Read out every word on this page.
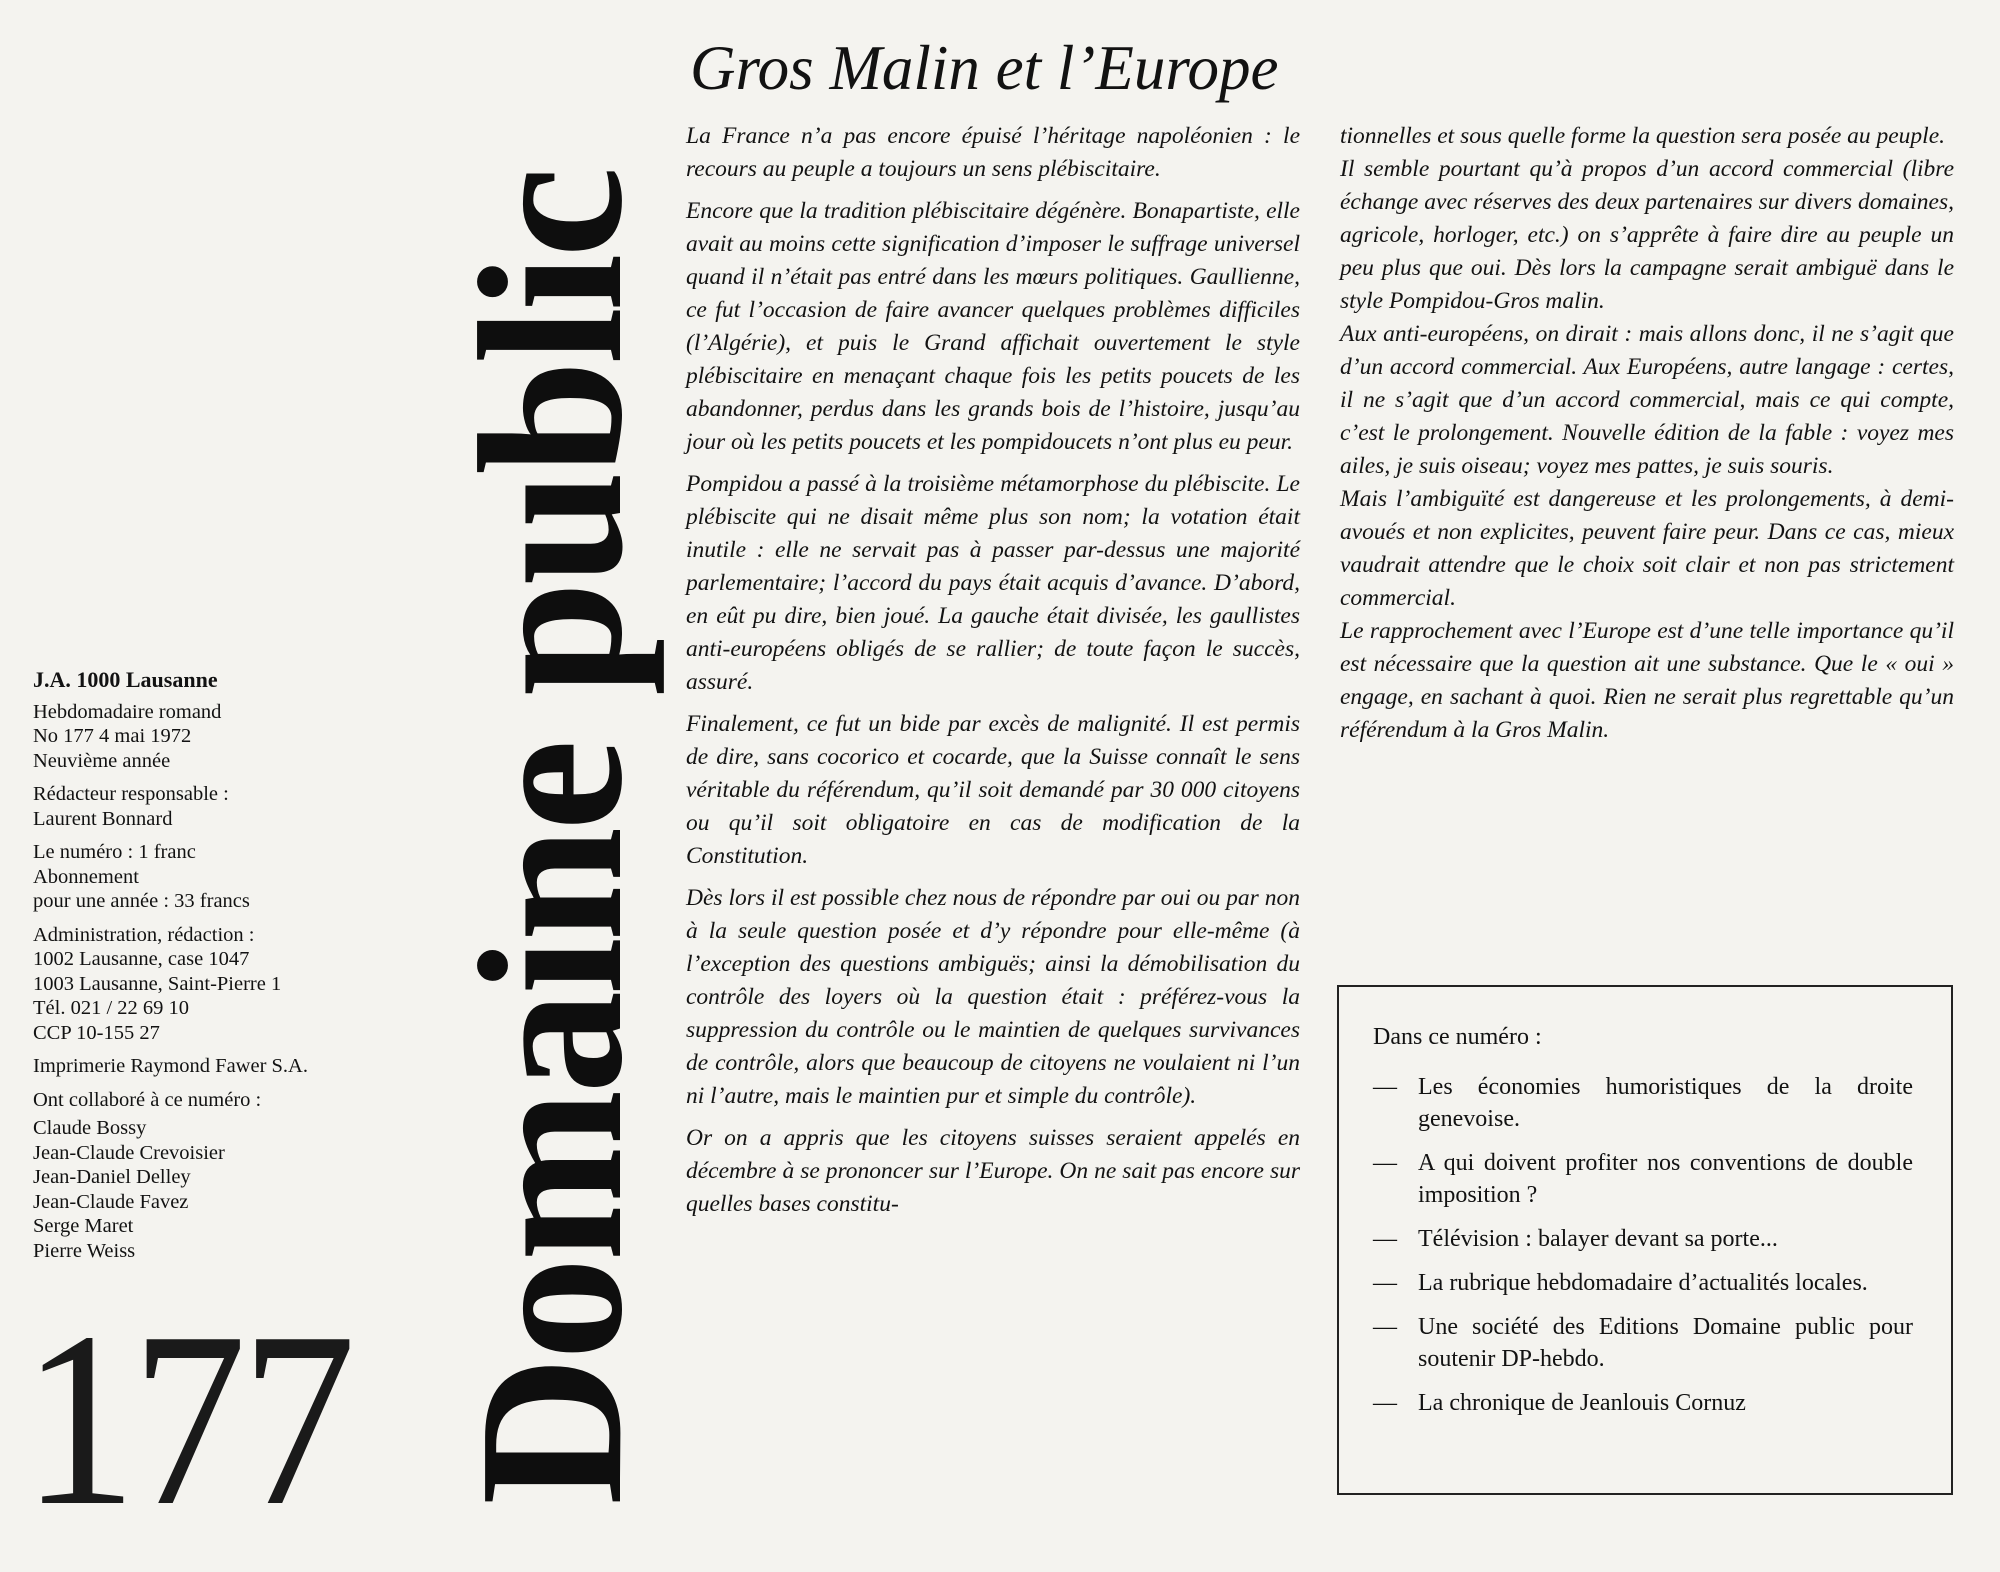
J.A. 1000 Lausanne
Hebdomadaire romand
No 177 4 mai 1972
Neuvième année
Rédacteur responsable :
Laurent Bonnard
Le numéro : 1 franc
Abonnement
pour une année : 33 francs
Administration, rédaction :
1002 Lausanne, case 1047
1003 Lausanne, Saint-Pierre 1
Tél. 021 / 22 69 10
CCP 10-155 27
Imprimerie Raymond Fawer S.A.
Ont collaboré à ce numéro :
Claude Bossy
Jean-Claude Crevoisier
Jean-Daniel Delley
Jean-Claude Favez
Serge Maret
Pierre Weiss
177 Domaine public
Gros Malin et l’Europe

La France n’a pas encore épuisé l’héritage napoléonien : le recours au peuple a toujours un sens plébiscitaire.

Encore que la tradition plébiscitaire dégénère. Bonapartiste, elle avait au moins cette signification d’imposer le suffrage universel quand il n’était pas entré dans les mœurs politiques. Gaullienne, ce fut l’occasion de faire avancer quelques problèmes difficiles (l’Algérie), et puis le Grand affichait ouvertement le style plébiscitaire en menaçant chaque fois les petits poucets de les abandonner, perdus dans les grands bois de l’histoire, jusqu’au jour où les petits poucets et les pompidoucets n’ont plus eu peur.

Pompidou a passé à la troisième métamorphose du plébiscite. Le plébiscite qui ne disait même plus son nom; la votation était inutile : elle ne servait pas à passer par-dessus une majorité parlementaire; l’accord du pays était acquis d’avance. D’abord, en eût pu dire, bien joué. La gauche était divisée, les gaullistes anti-européens obligés de se rallier; de toute façon le succès, assuré.

Finalement, ce fut un bide par excès de malignité. Il est permis de dire, sans cocorico et cocarde, que la Suisse connaît le sens véritable du référendum, qu’il soit demandé par 30 000 citoyens ou qu’il soit obligatoire en cas de modification de la Constitution.

Dès lors il est possible chez nous de répondre par oui ou par non à la seule question posée et d’y répondre pour elle-même (à l’exception des questions ambiguës; ainsi la démobilisation du contrôle des loyers où la question était : préférez-vous la suppression du contrôle ou le maintien de quelques survivances de contrôle, alors que beaucoup de citoyens ne voulaient ni l’un ni l’autre, mais le maintien pur et simple du contrôle).

Or on a appris que les citoyens suisses seraient appelés en décembre à se prononcer sur l’Europe. On ne sait pas encore sur quelles bases constitu-

tionnelles et sous quelle forme la question sera posée au peuple.

Il semble pourtant qu’à propos d’un accord commercial (libre échange avec réserves des deux partenaires sur divers domaines, agricole, horloger, etc.) on s’apprête à faire dire au peuple un peu plus que oui. Dès lors la campagne serait ambiguë dans le style Pompidou-Gros malin.

Aux anti-européens, on dirait : mais allons donc, il ne s’agit que d’un accord commercial. Aux Européens, autre langage : certes, il ne s’agit que d’un accord commercial, mais ce qui compte, c’est le prolongement. Nouvelle édition de la fable : voyez mes ailes, je suis oiseau; voyez mes pattes, je suis souris.

Mais l’ambiguïté est dangereuse et les prolongements, à demi-avoués et non explicites, peuvent faire peur. Dans ce cas, mieux vaudrait attendre que le choix soit clair et non pas strictement commercial.

Le rapprochement avec l’Europe est d’une telle importance qu’il est nécessaire que la question ait une substance. Que le « oui » engage, en sachant à quoi. Rien ne serait plus regrettable qu’un référendum à la Gros Malin.

Dans ce numéro :
— Les économies humoristiques de la droite genevoise.
— A qui doivent profiter nos conventions de double imposition ?
— Télévision : balayer devant sa porte...
— La rubrique hebdomadaire d’actualités locales.
— Une société des Editions Domaine public pour soutenir DP-hebdo.
— La chronique de Jeanlouis Cornuz
